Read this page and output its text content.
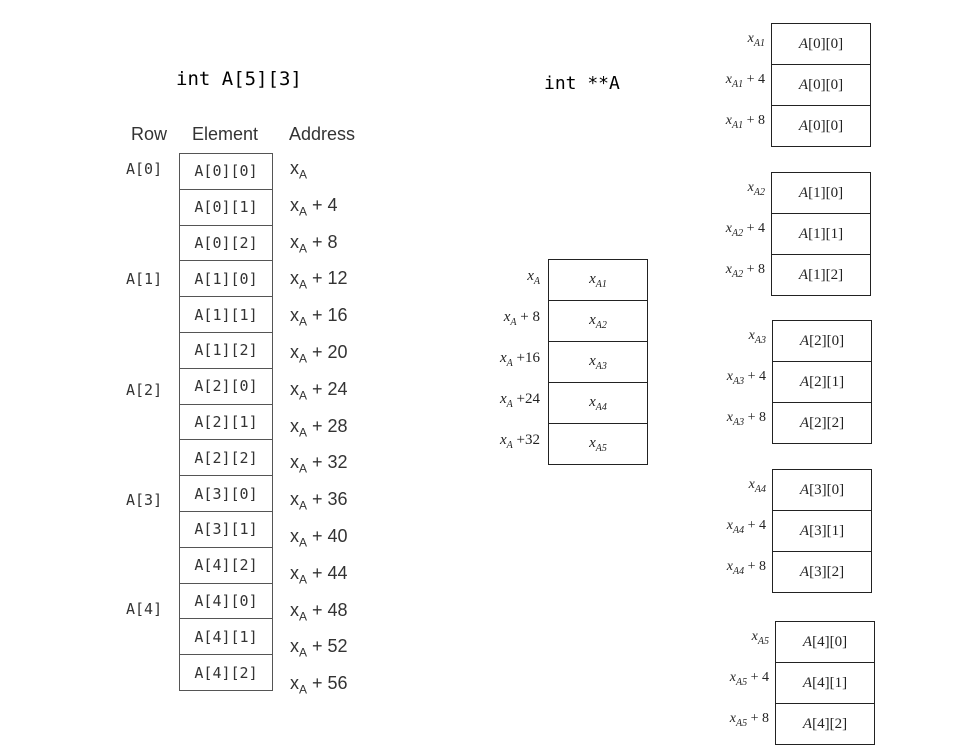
int A[5][3]
Row Element Address
A[0][0]
A[0][1]
A[0][2]
A[1][0]
A[1][1]
A[1][2]
A[2][0]
A[2][1]
A[2][2]
A[3][0]
A[3][1]
A[4][2]
A[4][0]
A[4][1]
A[4][2]
A[0]
A[1]
A[2]
A[3]
A[4]
$x_A$
$x_A + 4$
$x_A + 8$
$x_A + 12$
$x_A + 16$
$x_A + 20$
$x_A + 24$
$x_A + 28$
$x_A + 32$
$x_A + 36$
$x_A + 40$
$x_A + 44$
$x_A + 48$
$x_A + 52$
$x_A + 56$
int **A
$x_{A1}$
$x_{A2}$
$x_{A3}$
$x_{A4}$
$x_{A5}$
$x_A$
$x_A + 8$
$x_A +16$
$x_A +24$
$x_A +32$
A [0][0]
A [0][0]
A [0][0]
$x_{A1}$
$x_{A1} + 4$
$x_{A1} + 8$
A [1][0]
A [1][1]
A [1][2]
$x_{A2}$
$x_{A2} + 4$
$x_{A2} + 8$
A [2][0]
A [2][1]
A [2][2]
$x_{A3}$
$x_{A3} + 4$
$x_{A3} + 8$
A [3][0]
A [3][1]
A [3][2]
$x_{A4}$
$x_{A4} + 4$
$x_{A4} + 8$
A [4][0]
A [4][1]
A [4][2]
$x_{A5}$
$x_{A5} + 4$
$x_{A5} + 8$
